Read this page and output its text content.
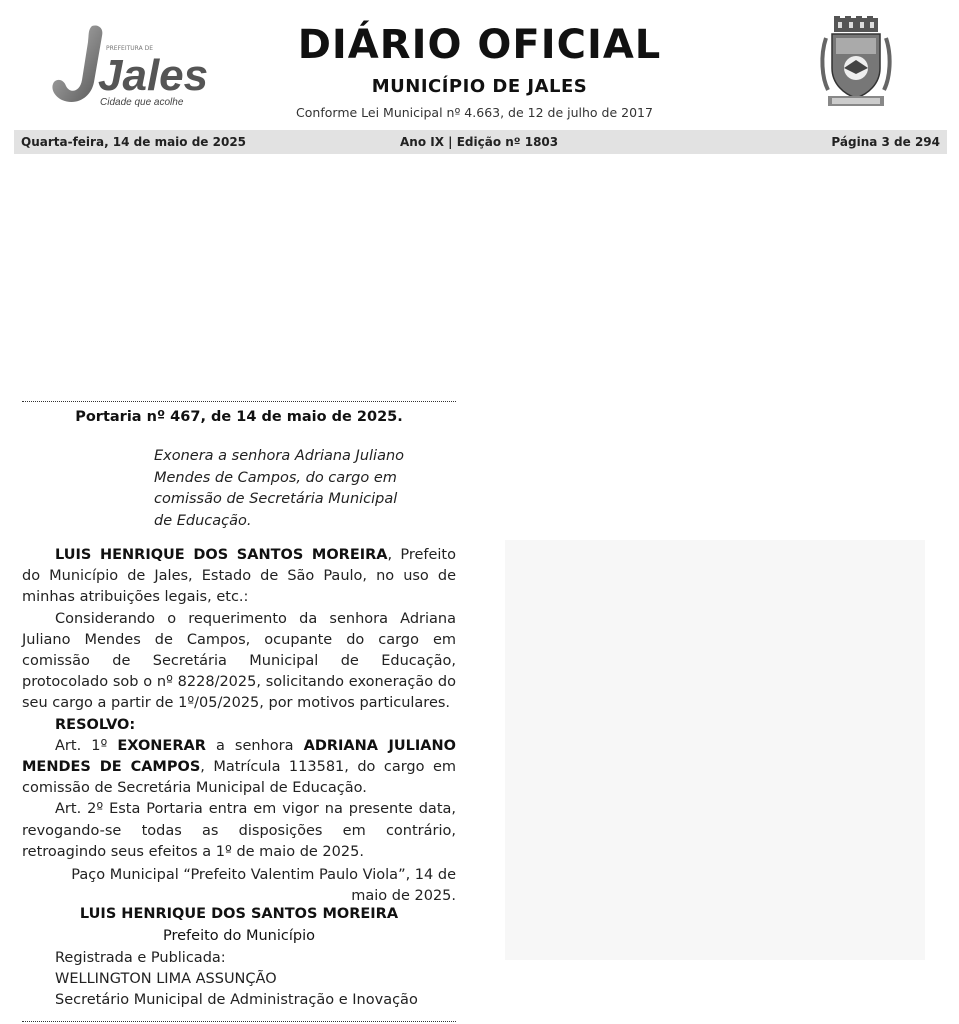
Jales
PREFEITURA DE
Cidade que acolhe
DIÁRIO OFICIAL
MUNICÍPIO DE JALES
Conforme Lei Municipal nº 4.663, de 12 de julho de 2017
Quarta-feira, 14 de maio de 2025	Ano IX | Edição nº 1803	Página 3 de 294
Portaria nº 467, de 14 de maio de 2025.
Exonera a senhora Adriana Juliano Mendes de Campos, do cargo em comissão de Secretária Municipal de Educação.

LUIS HENRIQUE DOS SANTOS MOREIRA, Prefeito do Município de Jales, Estado de São Paulo, no uso de minhas atribuições legais, etc.:

Considerando o requerimento da senhora Adriana Juliano Mendes de Campos, ocupante do cargo em comissão de Secretária Municipal de Educação, protocolado sob o nº 8228/2025, solicitando exoneração do seu cargo a partir de 1º/05/2025, por motivos particulares.

RESOLVO:

Art. 1º EXONERAR a senhora ADRIANA JULIANO MENDES DE CAMPOS, Matrícula 113581, do cargo em comissão de Secretária Municipal de Educação.

Art. 2º Esta Portaria entra em vigor na presente data, revogando-se todas as disposições em contrário, retroagindo seus efeitos a 1º de maio de 2025.

Paço Municipal “Prefeito Valentim Paulo Viola”, 14 de

maio de 2025.

LUIS HENRIQUE DOS SANTOS MOREIRA
Prefeito do Município
Registrada e Publicada:
WELLINGTON LIMA ASSUNÇÃO
Secretário Municipal de Administração e Inovação
